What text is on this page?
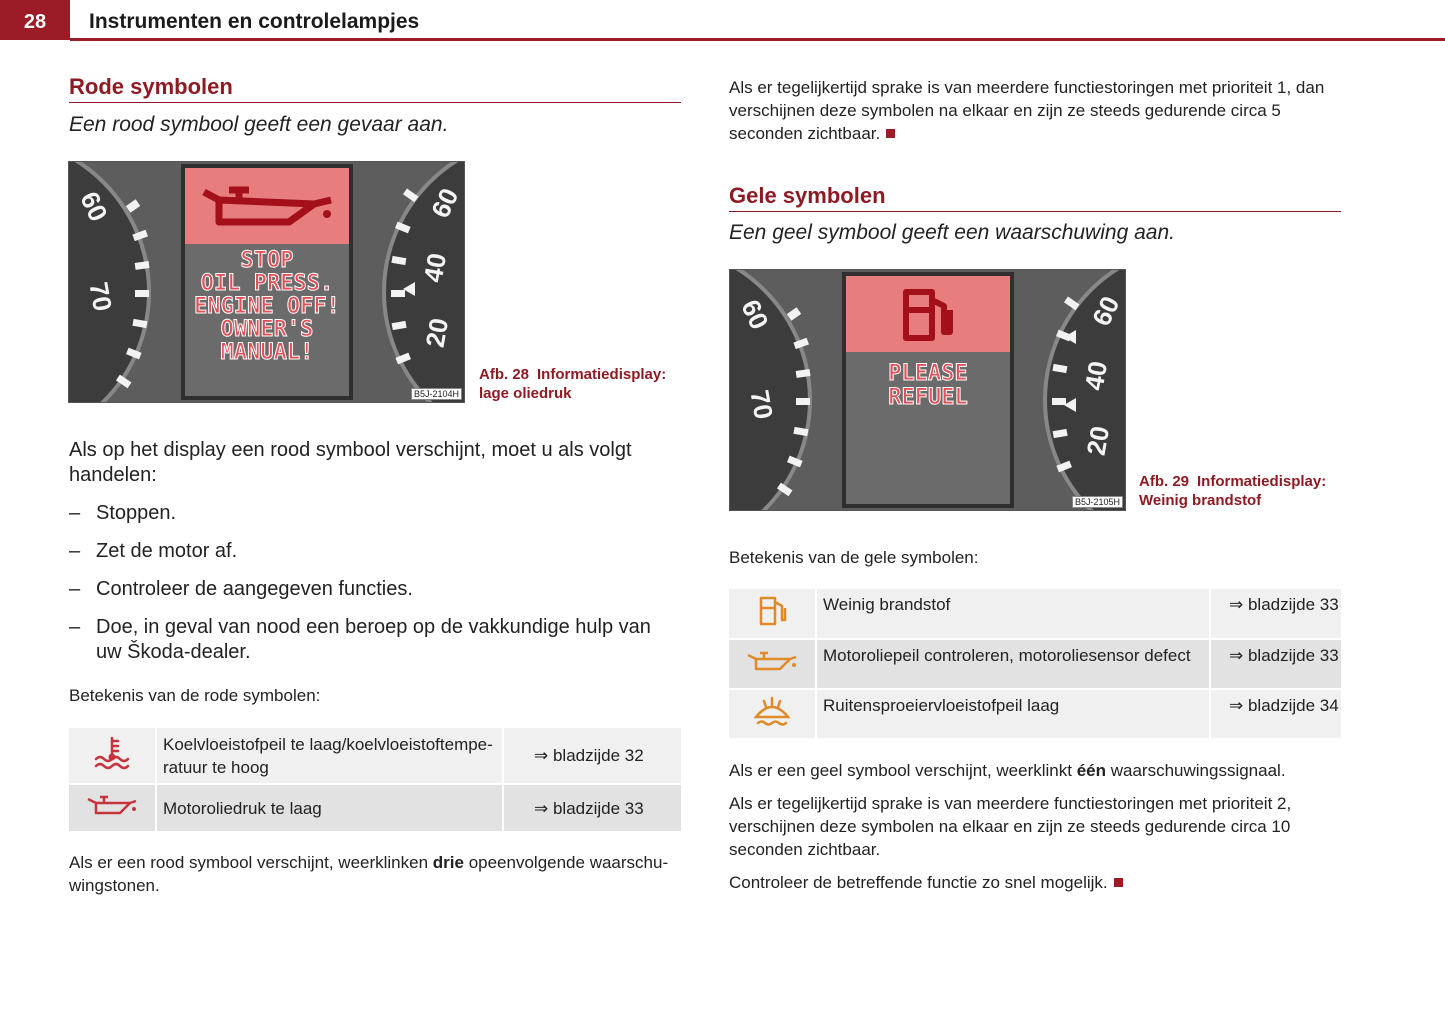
28	Instrumenten en controlelampjes
Rode symbolen
Een rood symbool geeft een gevaar aan.
60
70
60
40
20
STOP
OIL PRESS.
ENGINE OFF!
OWNER'S
MANUAL!
B5J-2104H
Afb. 28 Informatiedisplay: lage oliedruk
Als op het display een rood symbool verschijnt, moet u als volgt handelen:
– Stoppen.
– Zet de motor af.
– Controleer de aangegeven functies.
– Doe, in geval van nood een beroep op de vakkundige hulp van uw Škoda-dealer.
Betekenis van de rode symbolen:
	Koelvloeistofpeil te laag/koelvloeistoftempe-ratuur te hoog	⇒ bladzijde 32
	Motoroliedruk te laag	⇒ bladzijde 33
Als er een rood symbool verschijnt, weerklinken drie opeenvolgende waarschu-wingstonen.
Als er tegelijkertijd sprake is van meerdere functiestoringen met prioriteit 1, dan verschijnen deze symbolen na elkaar en zijn ze steeds gedurende circa 5 seconden zichtbaar.
Gele symbolen
Een geel symbool geeft een waarschuwing aan.
60
70
60
40
20
PLEASE
REFUEL
B5J-2105H
Afb. 29 Informatiedisplay: Weinig brandstof
Betekenis van de gele symbolen:
	Weinig brandstof	⇒ bladzijde 33
	Motoroliepeil controleren, motoroliesensor defect	⇒ bladzijde 33
	Ruitensproeiervloeistofpeil laag	⇒ bladzijde 34
Als er een geel symbool verschijnt, weerklinkt één waarschuwingssignaal.
Als er tegelijkertijd sprake is van meerdere functiestoringen met prioriteit 2, verschijnen deze symbolen na elkaar en zijn ze steeds gedurende circa 10 seconden zichtbaar.
Controleer de betreffende functie zo snel mogelijk.
